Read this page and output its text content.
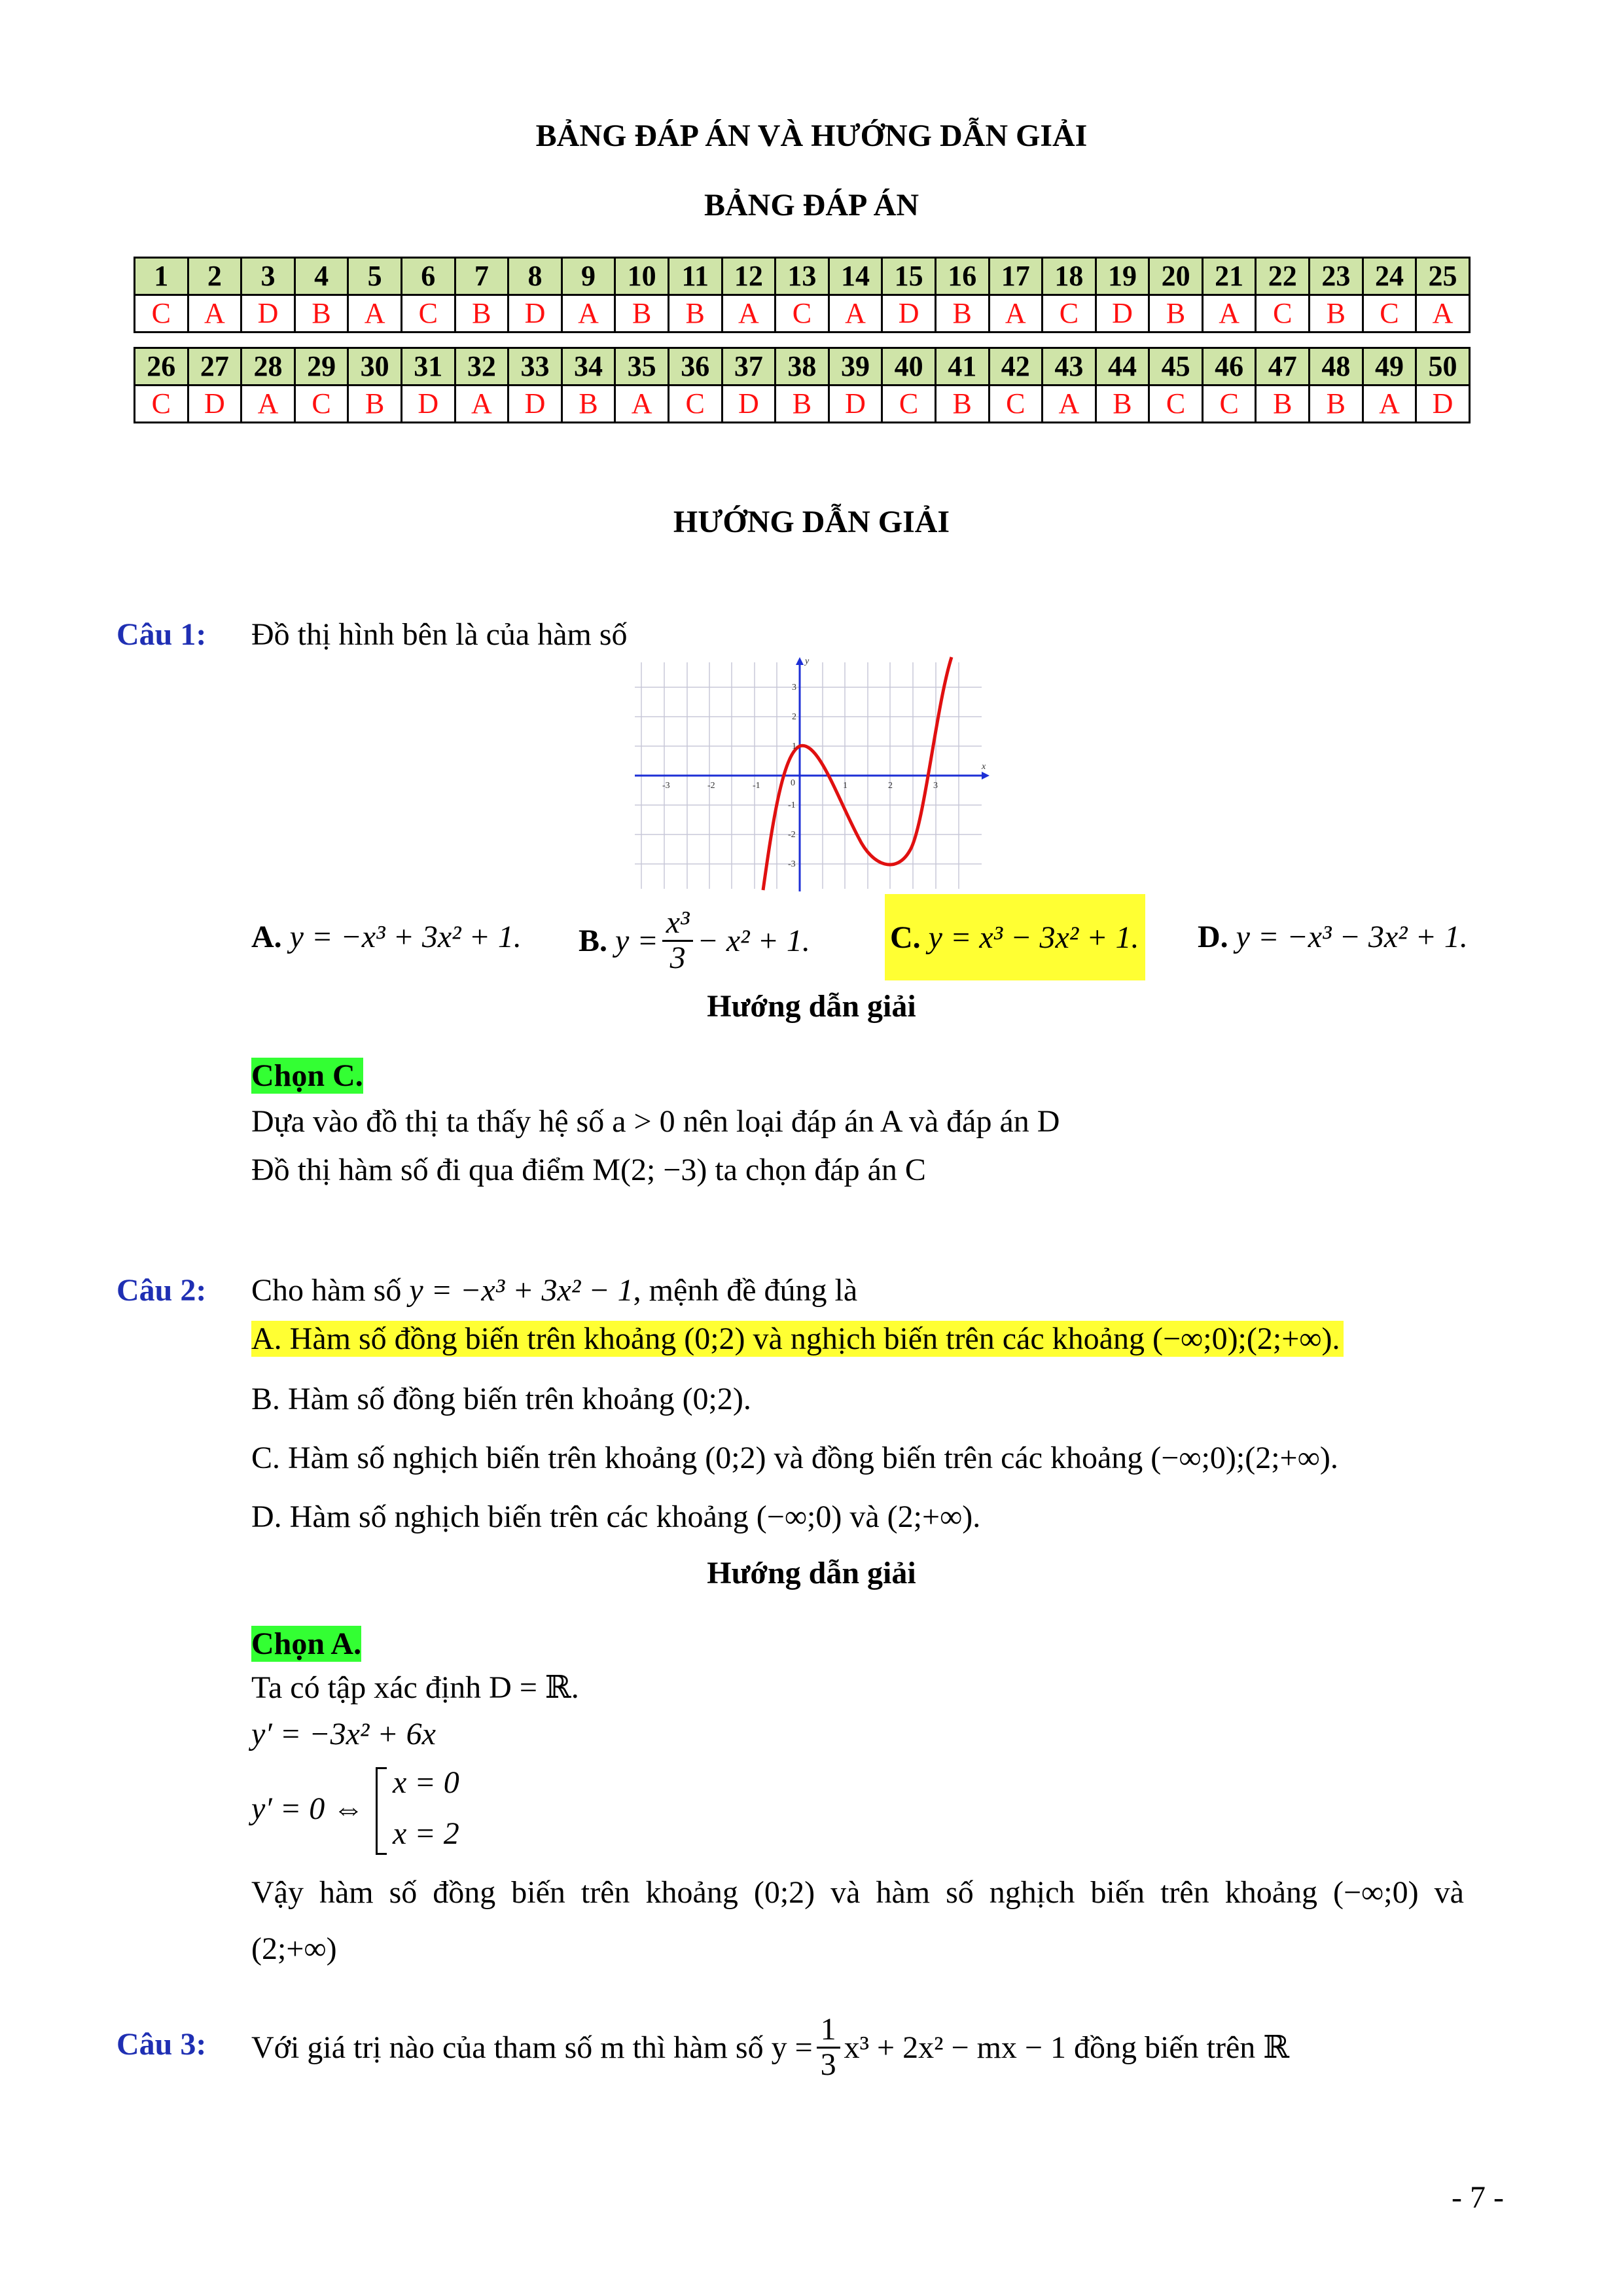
BẢNG ĐÁP ÁN VÀ HƯỚNG DẪN GIẢI
BẢNG ĐÁP ÁN
1	2	3	4	5	6	7	8	9	10	11	12	13	14	15	16	17	18	19	20	21	22	23	24	25
C	A	D	B	A	C	B	D	A	B	B	A	C	A	D	B	A	C	D	B	A	C	B	C	A
26	27	28	29	30	31	32	33	34	35	36	37	38	39	40	41	42	43	44	45	46	47	48	49	50
C	D	A	C	B	D	A	D	B	A	C	D	B	D	C	B	C	A	B	C	C	B	B	A	D
HƯỚNG DẪN GIẢI
Câu 1: Đồ thị hình bên là của hàm số
x
y
0
-3	-2	-1	1	2	3
3
2
1
-1
-2
-3
A. y = −x³ + 3x² + 1. B.
$y = \frac{\text{x³}}{3} - x^2 + 1$.	C.
y = x³ − 3x² + 1. D. y = −x³ − 3x² + 1.
Hướng dẫn giải
Chọn C.
Dựa vào đồ thị ta thấy hệ số a > 0 nên loại đáp án A và đáp án D
Đồ thị hàm số đi qua điểm M(2; −3) ta chọn đáp án C
Câu 2: Cho hàm số y = −x³ + 3x² − 1, mệnh đề đúng là
A. Hàm số đồng biến trên khoảng (0;2) và nghịch biến trên các khoảng (−∞;0);(2;+∞).
B. Hàm số đồng biến trên khoảng (0;2).
C. Hàm số nghịch biến trên khoảng (0;2) và đồng biến trên các khoảng (−∞;0);(2;+∞).
D. Hàm số nghịch biến trên các khoảng (−∞;0) và (2;+∞).
Hướng dẫn giải
Chọn A.
Ta có tập xác định D = ℝ.
y′ = −3x² + 6x
y′ = 0 ⇔
x = 0
x = 2
Vậy  hàm  số  đồng  biến  trên  khoảng  (0;2)  và  hàm  số  nghịch  biến  trên  khoảng  (−∞;0)  và
(2;+∞)
Câu 3: Với giá trị nào của tham số m thì hàm số $y = \frac{1}{3} x^3 + 2x^2$ − mx − 1 đồng biến trên ℝ
- 7 -
